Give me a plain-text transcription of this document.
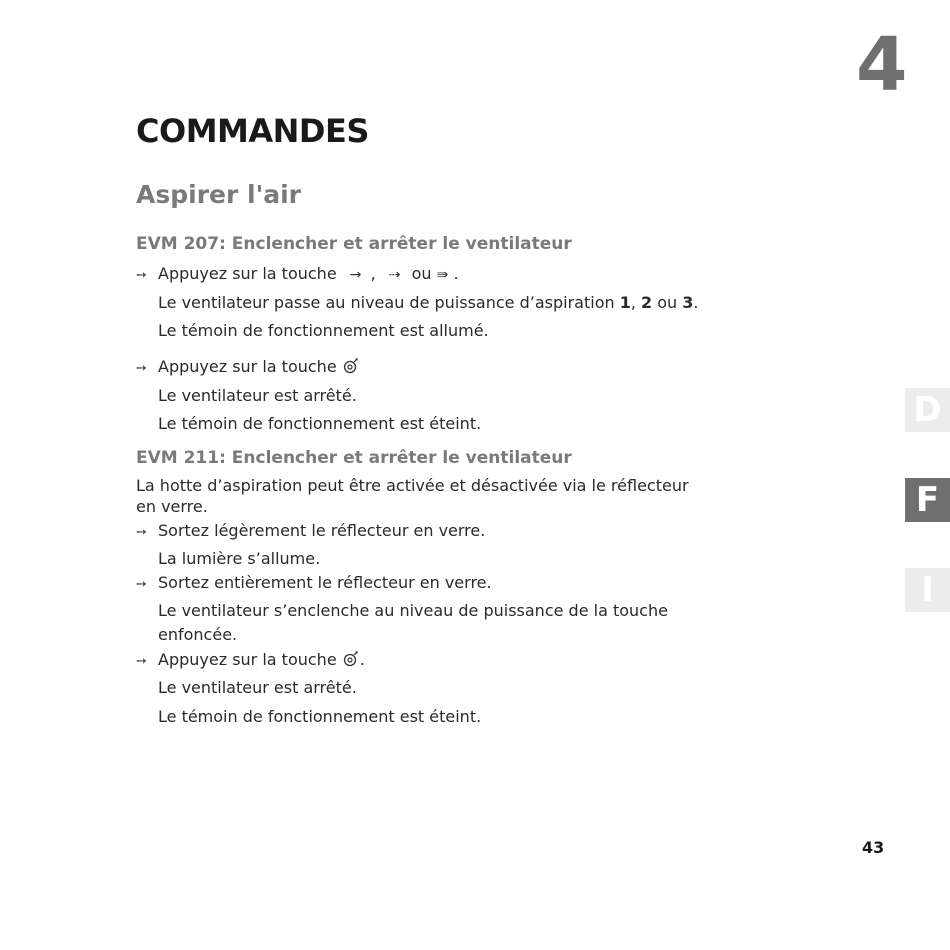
4
COMMANDES
Aspirer l'air
EVM 207: Enclencher et arrêter le ventilateur
➙ Appuyez sur la touche → , ⇢ ou ⇛ .
Le ventilateur passe au niveau de puissance d’aspiration 1, 2 ou 3.
Le témoin de fonctionnement est allumé.
➙ Appuyez sur la touche
Le ventilateur est arrêté.
Le témoin de fonctionnement est éteint.
EVM 211: Enclencher et arrêter le ventilateur
La hotte d’aspiration peut être activée et désactivée via le réflecteur
en verre.
➙ Sortez légèrement le réflecteur en verre.
La lumière s’allume.
➙ Sortez entièrement le réflecteur en verre.
Le ventilateur s’enclenche au niveau de puissance de la touche
enfoncée.
➙ Appuyez sur la touche .
Le ventilateur est arrêté.
Le témoin de fonctionnement est éteint.
D
F
I
43
